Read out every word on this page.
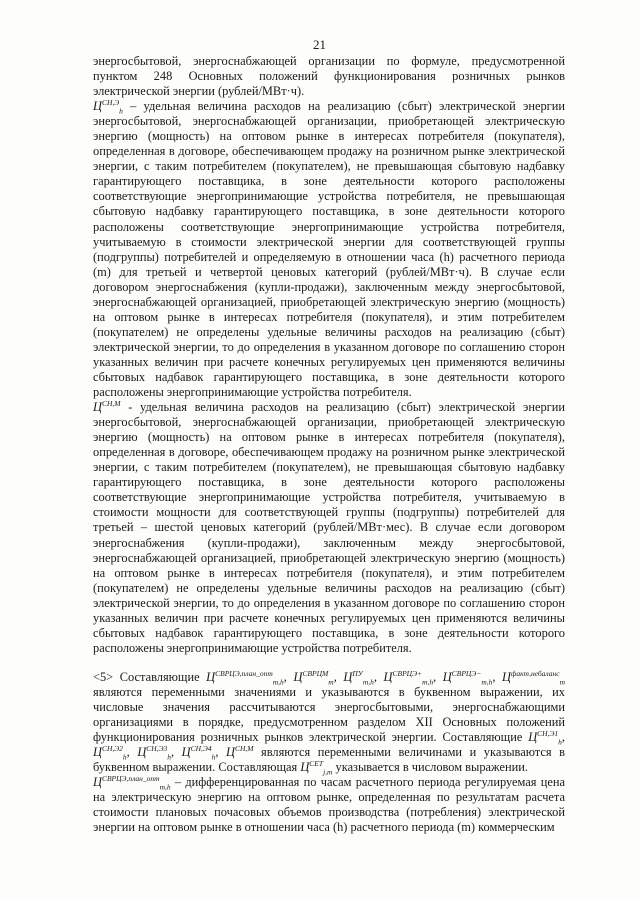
21

энергосбытовой, энергоснабжающей организации по формуле, предусмотренной пунктом 248 Основных положений функционирования розничных рынков электрической энергии (рублей/МВт·ч).

$Ц^{СН,Э}_h$ – удельная величина расходов на реализацию (сбыт) электрической энергии энергосбытовой, энергоснабжающей организации, приобретающей электрическую энергию (мощность) на оптовом рынке в интересах потребителя (покупателя), определенная в договоре, обеспечивающем продажу на розничном рынке электрической энергии, с таким потребителем (покупателем), не превышающая сбытовую надбавку гарантирующего поставщика, в зоне деятельности которого расположены соответствующие энергопринимающие устройства потребителя, не превышающая сбытовую надбавку гарантирующего поставщика, в зоне деятельности которого расположены соответствующие энергопринимающие устройства потребителя, учитываемую в стоимости электрической энергии для соответствующей группы (подгруппы) потребителей и определяемую в отношении часа (h) расчетного периода (m) для третьей и четвертой ценовых категорий (рублей/МВт·ч). В случае если договором энергоснабжения (купли-продажи), заключенным между энергосбытовой, энергоснабжающей организацией, приобретающей электрическую энергию (мощность) на оптовом рынке в интересах потребителя (покупателя), и этим потребителем (покупателем) не определены удельные величины расходов на реализацию (сбыт) электрической энергии, то до определения в указанном договоре по соглашению сторон указанных величин при расчете конечных регулируемых цен применяются величины сбытовых надбавок гарантирующего поставщика, в зоне деятельности которого расположены энергопринимающие устройства потребителя.

$Ц^{СН,М}$ - удельная величина расходов на реализацию (сбыт) электрической энергии энергосбытовой, энергоснабжающей организации, приобретающей электрическую энергию (мощность) на оптовом рынке в интересах потребителя (покупателя), определенная в договоре, обеспечивающем продажу на розничном рынке электрической энергии, с таким потребителем (покупателем), не превышающая сбытовую надбавку гарантирующего поставщика, в зоне деятельности которого расположены соответствующие энергопринимающие устройства потребителя, учитываемую в стоимости мощности для соответствующей группы (подгруппы) потребителей для третьей – шестой ценовых категорий (рублей/МВт·мес). В случае если договором энергоснабжения (купли-продажи), заключенным между энергосбытовой, энергоснабжающей организацией, приобретающей электрическую энергию (мощность) на оптовом рынке в интересах потребителя (покупателя), и этим потребителем (покупателем) не определены удельные величины расходов на реализацию (сбыт) электрической энергии, то до определения в указанном договоре по соглашению сторон указанных величин при расчете конечных регулируемых цен применяются величины сбытовых надбавок гарантирующего поставщика, в зоне деятельности которого расположены энергопринимающие устройства потребителя.

<5> Составляющие $Ц^{СВРЦЭ,план\_опт}_{m,h}$, $Ц^{СВРЦМ}_m$, $Ц^{ПУ}_{m,h}$, $Ц^{СВРЦЭ+}_{m,h}$, $Ц^{СВРЦЭ-}_{m,h}$, $Ц^{факт,небаланс}_m$ являются переменными значениями и указываются в буквенном выражении, их числовые значения рассчитываются энергосбытовыми, энергоснабжающими организациями в порядке, предусмотренном разделом XII Основных положений функционирования розничных рынков электрической энергии. Составляющие $Ц^{СН,Э1}_h$, $Ц^{СН,Э2}_h$, $Ц^{СН,Э3}_h$, $Ц^{СН,Э4}_h$, $Ц^{СН,М}$ являются переменными величинами и указываются в буквенном выражении. Составляющая $Ц^{СЕТ}_{j,m}$ указывается в числовом выражении.

$Ц^{СВРЦЭ,план\_опт}_{m,h}$ – дифференцированная по часам расчетного периода регулируемая цена на электрическую энергию на оптовом рынке, определенная по результатам расчета стоимости плановых почасовых объемов производства (потребления) электрической энергии на оптовом рынке в отношении часа (h) расчетного периода (m) коммерческим
